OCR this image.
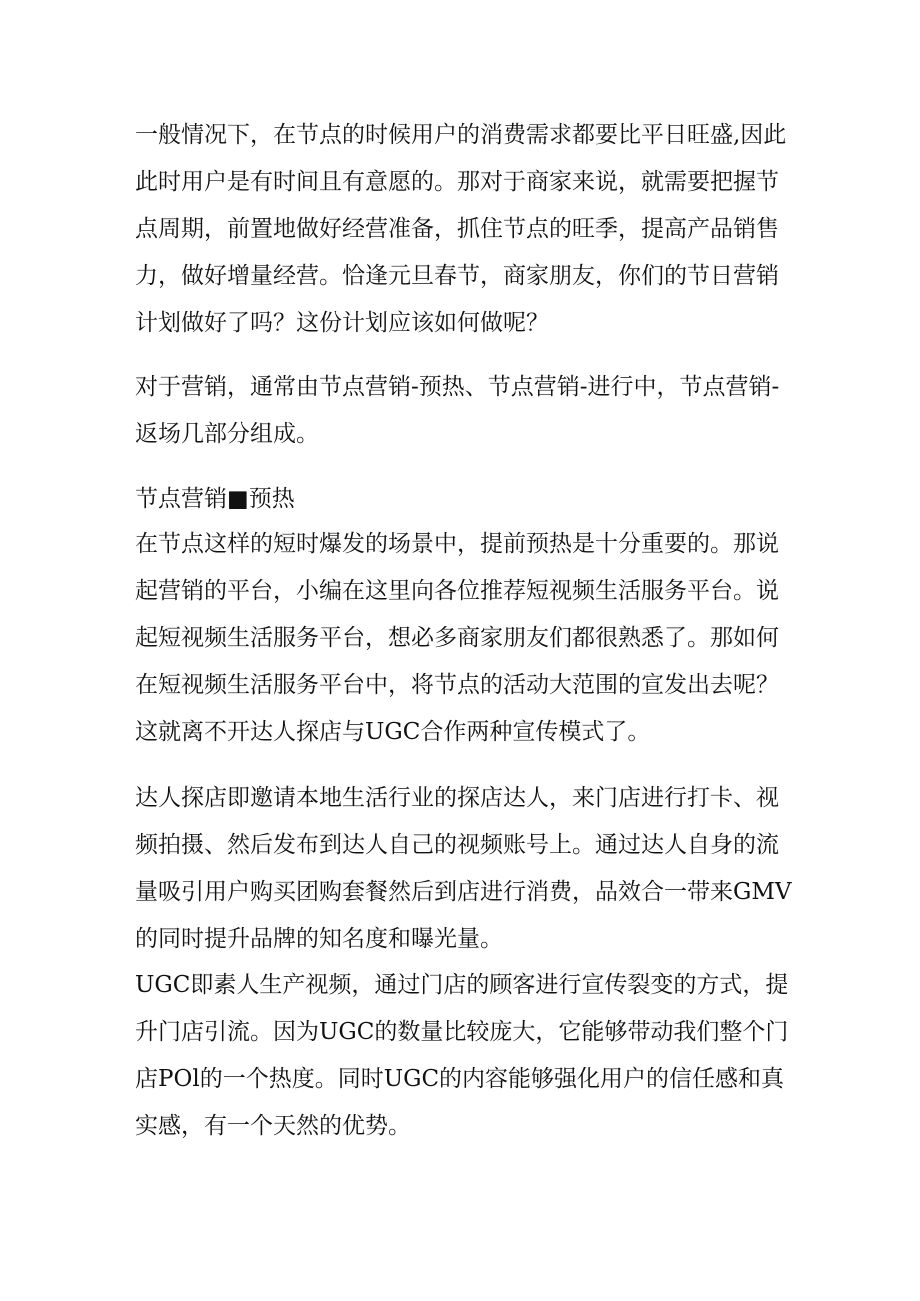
一般情况下，在节点的时候用户的消费需求都要比平日旺盛,因此此时用户是有时间且有意愿的。那对于商家来说，就需要把握节点周期，前置地做好经营准备，抓住节点的旺季，提高产品销售力，做好增量经营。恰逢元旦春节，商家朋友，你们的节日营销计划做好了吗？这份计划应该如何做呢？

对于营销，通常由节点营销-预热、节点营销-进行中，节点营销-返场几部分组成。

节点营销■预热

在节点这样的短时爆发的场景中，提前预热是十分重要的。那说起营销的平台，小编在这里向各位推荐短视频生活服务平台。说起短视频生活服务平台，想必多商家朋友们都很熟悉了。那如何在短视频生活服务平台中，将节点的活动大范围的宣发出去呢？这就离不开达人探店与UGC合作两种宣传模式了。

达人探店即邀请本地生活行业的探店达人，来门店进行打卡、视频拍摄、然后发布到达人自己的视频账号上。通过达人自身的流量吸引用户购买团购套餐然后到店进行消费，品效合一带来GMV的同时提升品牌的知名度和曝光量。

UGC即素人生产视频，通过门店的顾客进行宣传裂变的方式，提升门店引流。因为UGC的数量比较庞大，它能够带动我们整个门店POl的一个热度。同时UGC的内容能够强化用户的信任感和真实感，有一个天然的优势。
